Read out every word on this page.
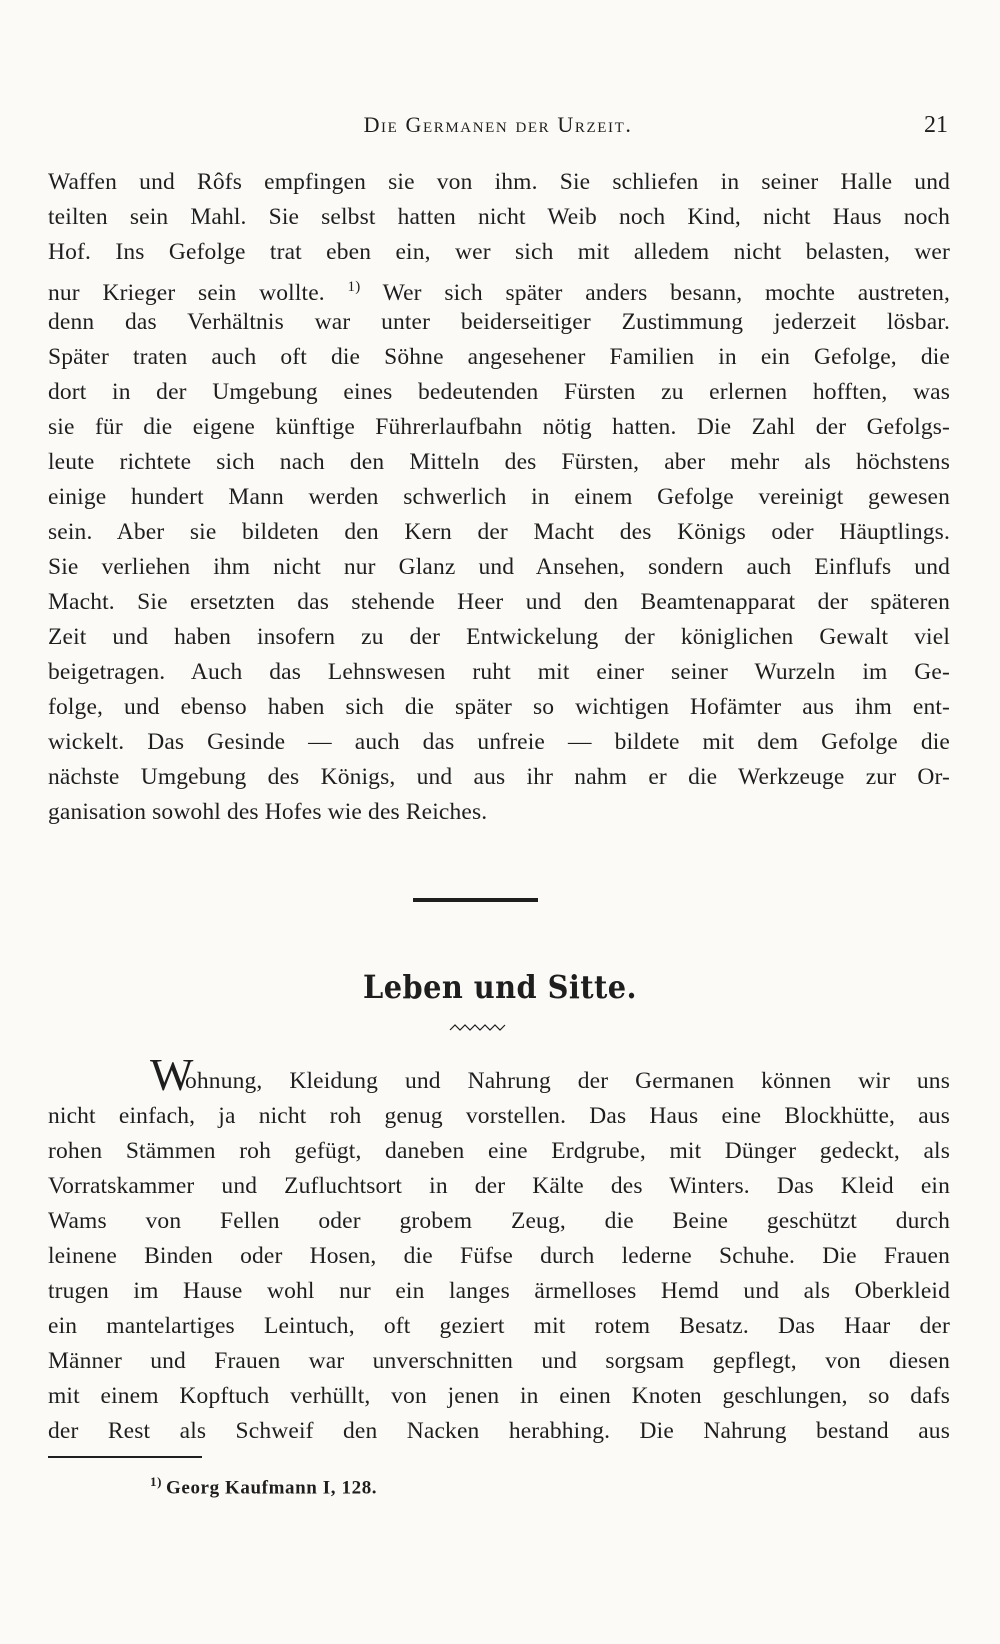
Die Germanen der Urzeit.	21
Waffen und Rôfs empfingen sie von ihm. Sie schliefen in seiner Halle und
teilten sein Mahl. Sie selbst hatten nicht Weib noch Kind, nicht Haus noch
Hof. Ins Gefolge trat eben ein, wer sich mit alledem nicht belasten, wer
nur Krieger sein wollte. $^{1)}$ Wer sich später anders besann, mochte austreten,
denn das Verhältnis war unter beiderseitiger Zustimmung jederzeit lösbar.
Später traten auch oft die Söhne angesehener Familien in ein Gefolge, die
dort in der Umgebung eines bedeutenden Fürsten zu erlernen hofften, was
sie für die eigene künftige Führerlaufbahn nötig hatten. Die Zahl der Gefolgs-
leute richtete sich nach den Mitteln des Fürsten, aber mehr als höchstens
einige hundert Mann werden schwerlich in einem Gefolge vereinigt gewesen
sein. Aber sie bildeten den Kern der Macht des Königs oder Häuptlings.
Sie verliehen ihm nicht nur Glanz und Ansehen, sondern auch Einflufs und
Macht. Sie ersetzten das stehende Heer und den Beamtenapparat der späteren
Zeit und haben insofern zu der Entwickelung der königlichen Gewalt viel
beigetragen. Auch das Lehnswesen ruht mit einer seiner Wurzeln im Ge-
folge, und ebenso haben sich die später so wichtigen Hofämter aus ihm ent-
wickelt. Das Gesinde — auch das unfreie — bildete mit dem Gefolge die
nächste Umgebung des Königs, und aus ihr nahm er die Werkzeuge zur Or-
ganisation sowohl des Hofes wie des Reiches.
Leben und Sitte.
W
ohnung, Kleidung und Nahrung der Germanen können wir uns
nicht einfach, ja nicht roh genug vorstellen. Das Haus eine Blockhütte, aus
rohen Stämmen roh gefügt, daneben eine Erdgrube, mit Dünger gedeckt, als
Vorratskammer und Zufluchtsort in der Kälte des Winters. Das Kleid ein
Wams von Fellen oder grobem Zeug, die Beine geschützt durch
leinene Binden oder Hosen, die Füfse durch lederne Schuhe. Die Frauen
trugen im Hause wohl nur ein langes ärmelloses Hemd und als Oberkleid
ein mantelartiges Leintuch, oft geziert mit rotem Besatz. Das Haar der
Männer und Frauen war unverschnitten und sorgsam gepflegt, von diesen
mit einem Kopftuch verhüllt, von jenen in einen Knoten geschlungen, so dafs
der Rest als Schweif den Nacken herabhing. Die Nahrung bestand aus
$^{1)}$ Georg Kaufmann I, 128.
